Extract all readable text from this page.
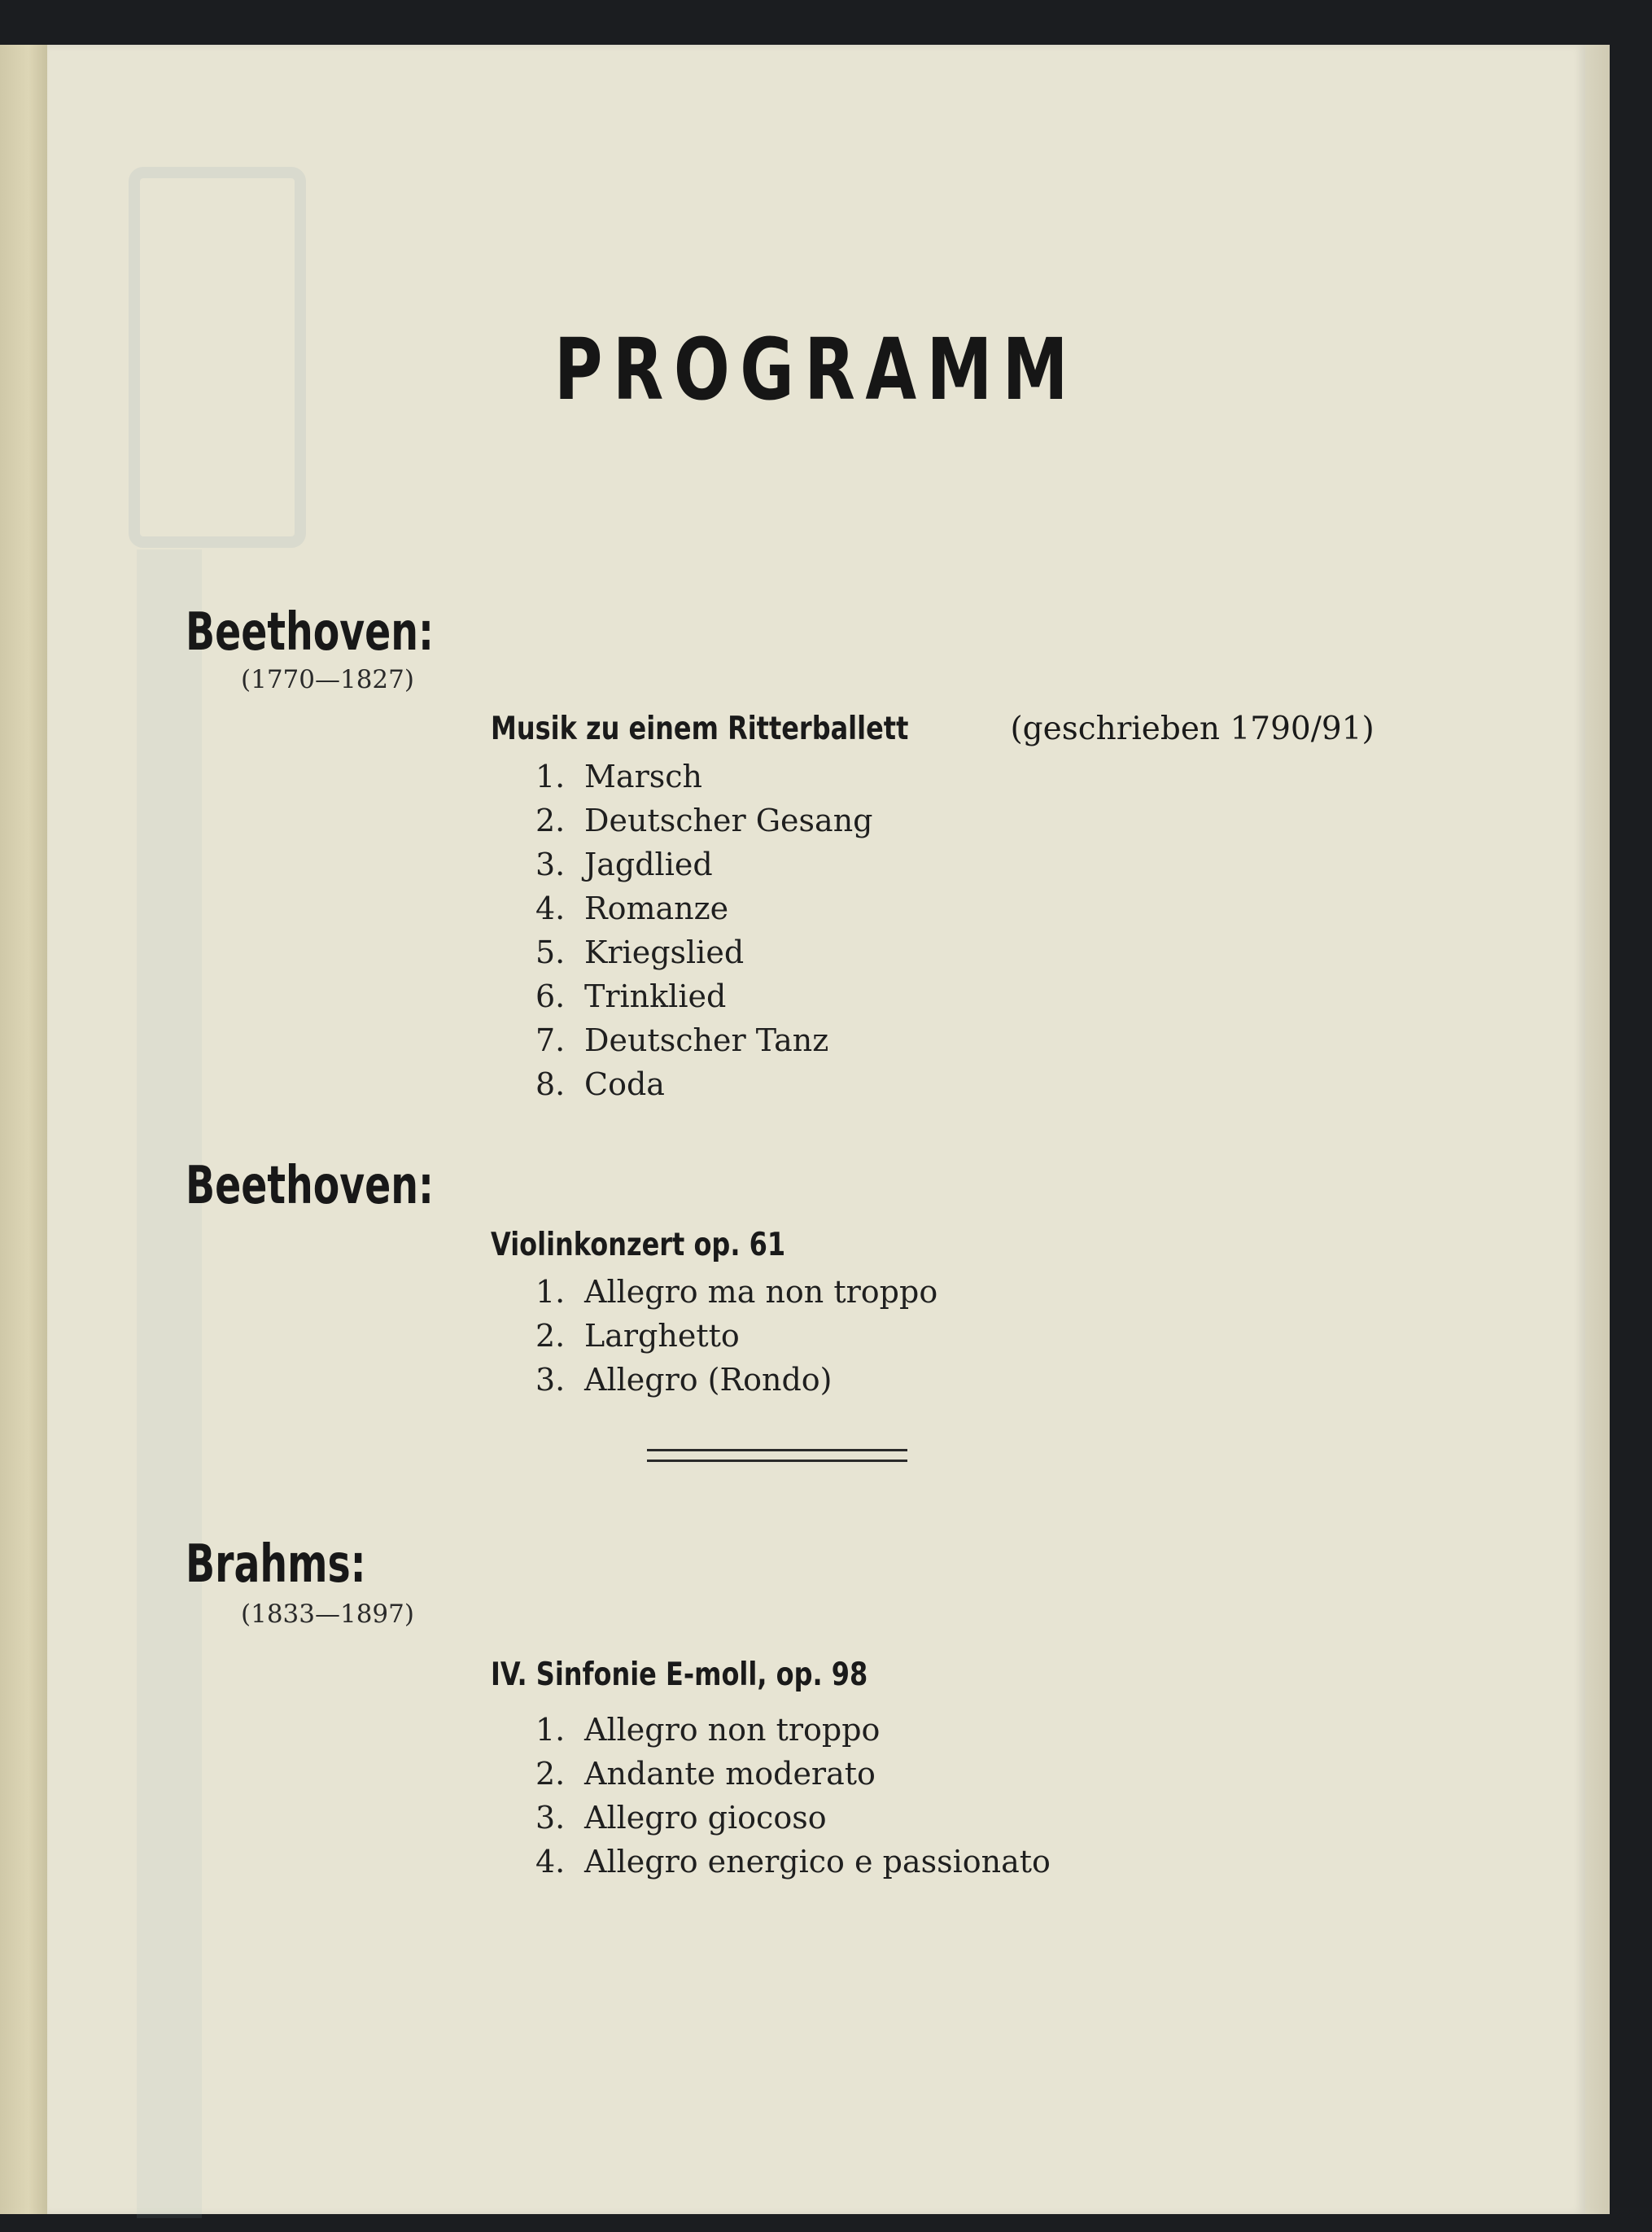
PROGRAMM
Beethoven:
(1770—1827)
Musik zu einem Ritterballett	(geschrieben 1790/91)
1. Marsch
2. Deutscher Gesang
3. Jagdlied
4. Romanze
5. Kriegslied
6. Trinklied
7. Deutscher Tanz
8. Coda
Beethoven:
Violinkonzert op. 61
1. Allegro ma non troppo
2. Larghetto
3. Allegro (Rondo)
Brahms:
(1833—1897)
IV. Sinfonie E-moll, op. 98
1. Allegro non troppo
2. Andante moderato
3. Allegro giocoso
4. Allegro energico e passionato
